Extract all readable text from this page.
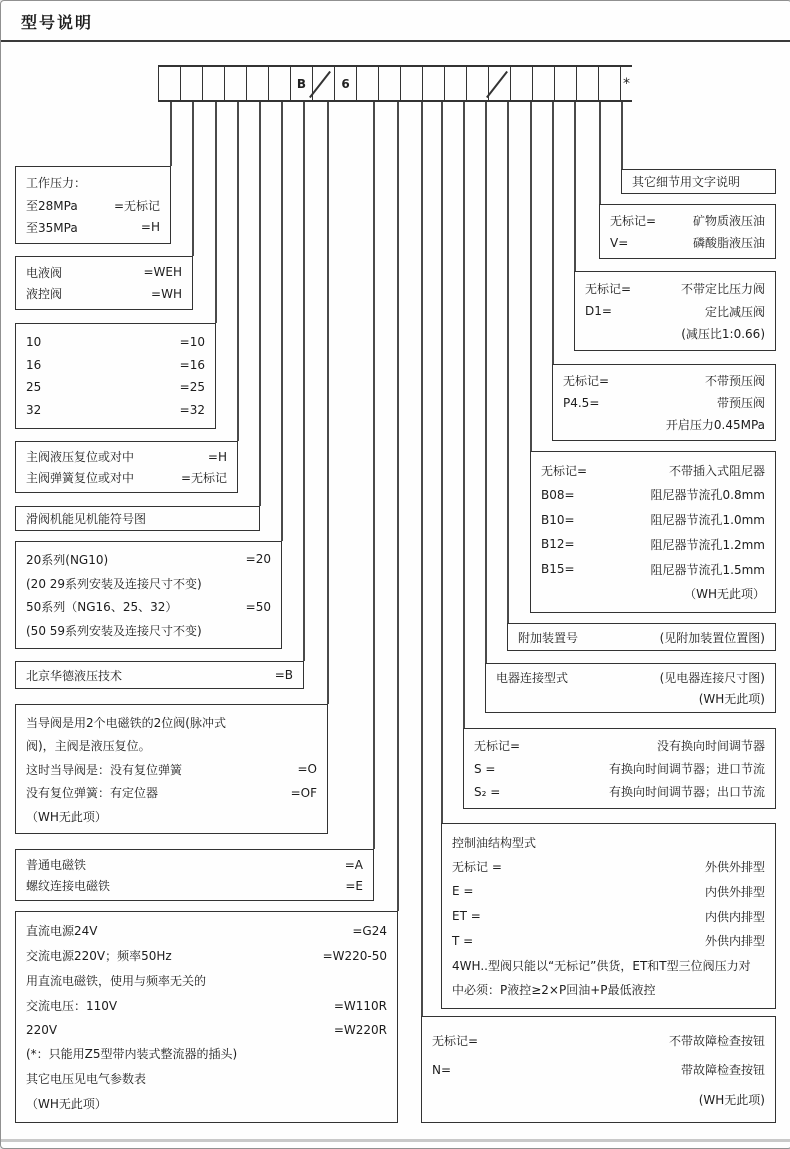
型号说明
B	6	*
工作压力：
至28MPa	=无标记
至35MPa	=H
电液阀	=WEH
液控阀	=WH
10	=10
16	=16
25	=25
32	=32
主阀液压复位或对中	=H
主阀弹簧复位或对中	=无标记
滑阀机能见机能符号图
20系列(NG10)	=20
(20 29系列安装及连接尺寸不变)
50系列（NG16、25、32）	=50
(50 59系列安装及连接尺寸不变)
北京华德液压技术	=B
当导阀是用2个电磁铁的2位阀(脉冲式
阀)，主阀是液压复位。
这时当导阀是：没有复位弹簧	=O
没有复位弹簧：有定位器	=OF
（WH无此项）
普通电磁铁	=A
螺纹连接电磁铁	=E
直流电源24V	=G24
交流电源220V；频率50Hz	=W220-50
用直流电磁铁，使用与频率无关的
交流电压：110V	=W110R
220V	=W220R
(*：只能用Z5型带内装式整流器的插头)
其它电压见电气参数表
（WH无此项）
其它细节用文字说明
无标记=	矿物质液压油
V=	磷酸脂液压油
无标记=	不带定比压力阀
D1=	定比减压阀
(减压比1:0.66)
无标记=	不带预压阀
P4.5=	带预压阀
开启压力0.45MPa
无标记=	不带插入式阻尼器
B08=	阻尼器节流孔0.8mm
B10=	阻尼器节流孔1.0mm
B12=	阻尼器节流孔1.2mm
B15=	阻尼器节流孔1.5mm
（WH无此项）
附加装置号	(见附加装置位置图)
电器连接型式	(见电器连接尺寸图)
(WH无此项)
无标记=	没有换向时间调节器
S =	有换向时间调节器；进口节流
S₂ =	有换向时间调节器；出口节流
控制油结构型式
无标记 =	外供外排型
E =	内供外排型
ET =	内供内排型
T =	外供内排型
4WH..型阀只能以“无标记”供货，ET和T型三位阀压力对
中必须：P液控≥2×P回油+P最低液控
无标记=	不带故障检查按钮
N=	带故障检查按钮
(WH无此项)
